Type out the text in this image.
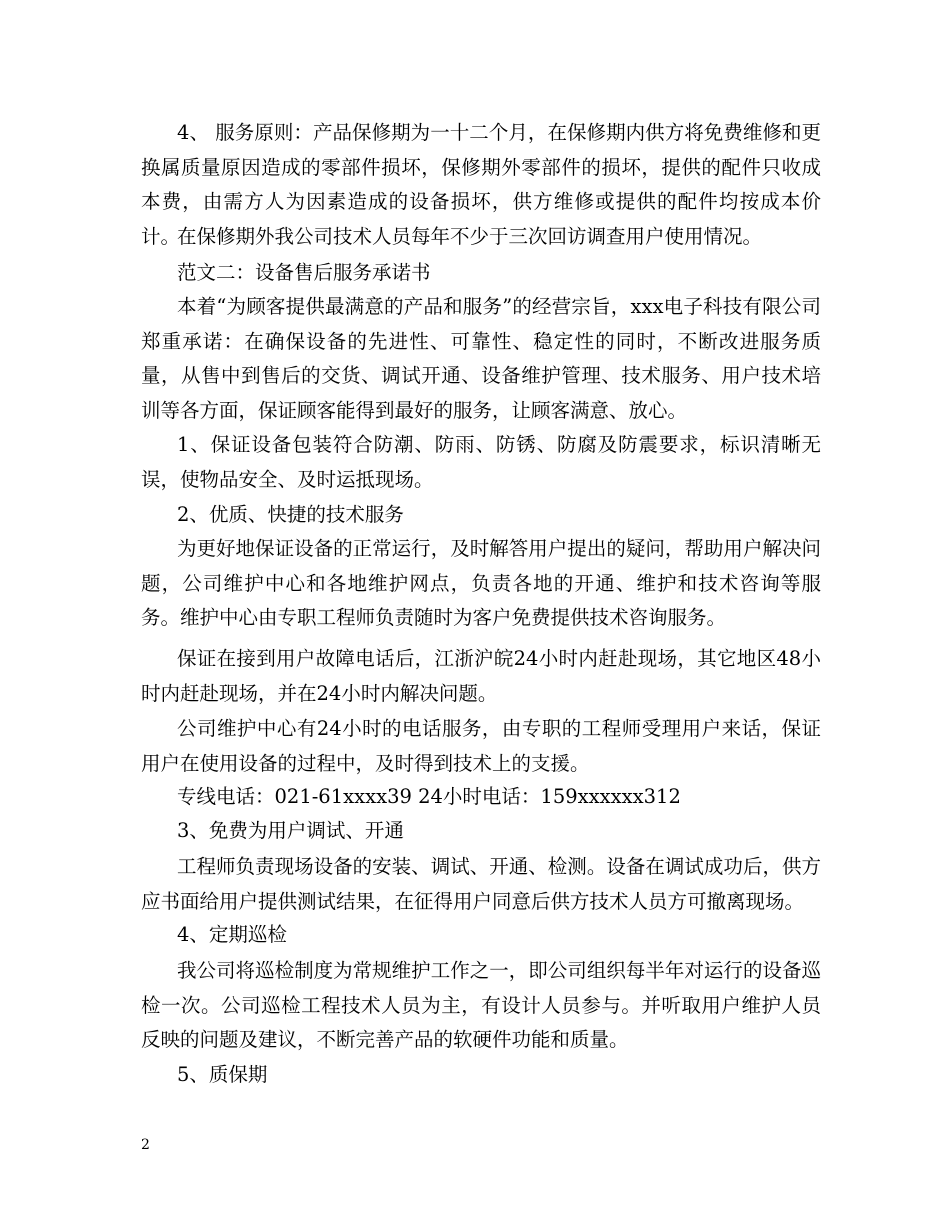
4、 服务原则：产品保修期为一十二个月，在保修期内供方将免费维修和更换属质量原因造成的零部件损坏，保修期外零部件的损坏，提供的配件只收成本费，由需方人为因素造成的设备损坏，供方维修或提供的配件均按成本价计。

在保修期外我公司技术人员每年不少于三次回访调查用户使用情况。

范文二：设备售后服务承诺书

本着“为顾客提供最满意的产品和服务”的经营宗旨，xxx电子科技有限公司郑重承诺：在确保设备的先进性、可靠性、稳定性的同时，不断改进服务质量，从售中到售后的交货、调试开通、设备维护管理、技术服务、用户技术培训等各方面，保证顾客能得到最好的服务，让顾客满意、放心。

1、保证设备包装符合防潮、防雨、防锈、防腐及防震要求，标识清晰无误，使物品安全、及时运抵现场。

2、优质、快捷的技术服务

为更好地保证设备的正常运行，及时解答用户提出的疑问，帮助用户解决问题，公司维护中心和各地维护网点，负责各地的开通、维护和技术咨询等服务。维护中心由专职工程师负责随时为客户免费提供技术咨询服务。

保证在接到用户故障电话后，江浙沪皖24小时内赶赴现场，其它地区48小时内赶赴现场，并在24小时内解决问题。

公司维护中心有24小时的电话服务，由专职的工程师受理用户来话，保证用户在使用设备的过程中，及时得到技术上的支援。

专线电话：021-61xxxx39 24小时电话：159xxxxxx312

3、免费为用户调试、开通

工程师负责现场设备的安装、调试、开通、检测。设备在调试成功后，供方应书面给用户提供测试结果，在征得用户同意后供方技术人员方可撤离现场。

4、定期巡检

我公司将巡检制度为常规维护工作之一，即公司组织每半年对运行的设备巡检一次。公司巡检工程技术人员为主，有设计人员参与。并听取用户维护人员反映的问题及建议，不断完善产品的软硬件功能和质量。

5、质保期

2
